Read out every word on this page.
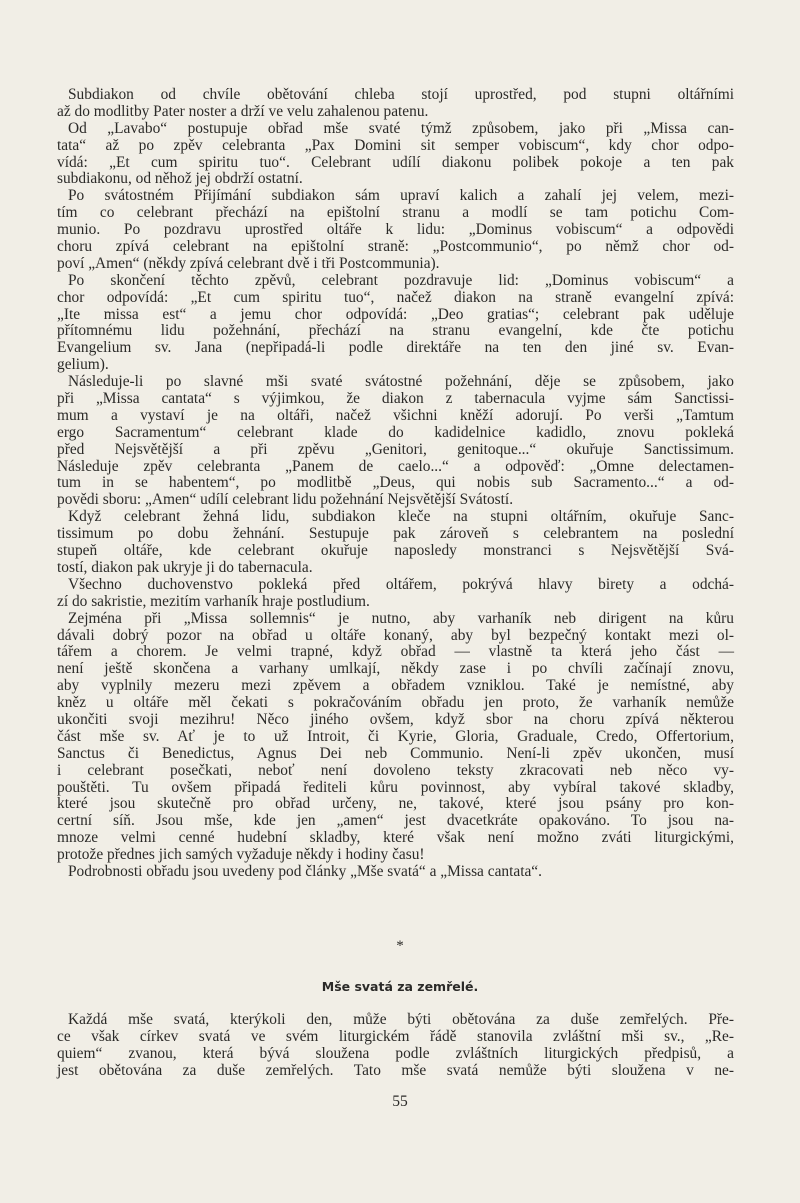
Subdiakon od chvíle obětování chleba stojí uprostřed, pod stupni oltářními
až do modlitby Pater noster a drží ve velu zahalenou patenu.
Od „Lavabo“ postupuje obřad mše svaté týmž způsobem, jako při „Missa can-
tata“ až po zpěv celebranta „Pax Domini sit semper vobiscum“, kdy chor odpo-
vídá: „Et cum spiritu tuo“. Celebrant udílí diakonu polibek pokoje a ten pak
subdiakonu, od něhož jej obdrží ostatní.
Po svátostném Přijímání subdiakon sám upraví kalich a zahalí jej velem, mezi-
tím co celebrant přechází na epištolní stranu a modlí se tam potichu Com-
munio. Po pozdravu uprostřed oltáře k lidu: „Dominus vobiscum“ a odpovědi
choru zpívá celebrant na epištolní straně: „Postcommunio“, po němž chor od-
poví „Amen“ (někdy zpívá celebrant dvě i tři Postcommunia).
Po skončení těchto zpěvů, celebrant pozdravuje lid: „Dominus vobiscum“ a
chor odpovídá: „Et cum spiritu tuo“, načež diakon na straně evangelní zpívá:
„Ite missa est“ a jemu chor odpovídá: „Deo gratias“; celebrant pak uděluje
přítomnému lidu požehnání, přechází na stranu evangelní, kde čte potichu
Evangelium sv. Jana (nepřipadá-li podle direktáře na ten den jiné sv. Evan-
gelium).
Následuje-li po slavné mši svaté svátostné požehnání, děje se způsobem, jako
při „Missa cantata“ s výjimkou, že diakon z tabernacula vyjme sám Sanctissi-
mum a vystaví je na oltáři, načež všichni kněží adorují. Po verši „Tamtum
ergo Sacramentum“ celebrant klade do kadidelnice kadidlo, znovu pokleká
před Nejsvětější a při zpěvu „Genitori, genitoque...“ okuřuje Sanctissimum.
Následuje zpěv celebranta „Panem de caelo...“ a odpověď: „Omne delectamen-
tum in se habentem“, po modlitbě „Deus, qui nobis sub Sacramento...“ a od-
povědi sboru: „Amen“ udílí celebrant lidu požehnání Nejsvětější Svátostí.
Když celebrant žehná lidu, subdiakon klečе na stupni oltářním, okuřuje Sanc-
tissimum po dobu žehnání. Sestupuje pak zároveň s celebrantem na poslední
stupeň oltáře, kde celebrant okuřuje naposledy monstranci s Nejsvětější Svá-
tostí, diakon pak ukryje ji do tabernacula.
Všechno duchovenstvo poklek​á před oltářem, pokrývá hlavy birety a odchá-
zí do sakristie, mezitím varhaník hraje postludium.
Zejména při „Missa sollemnis“ je nutno, aby varhaník neb dirigent na kůru
dávali dobrý pozor na obřad u oltáře konaný, aby byl bezpečný kontakt mezi ol-
tářem a chorem. Je velmi trapné, když obřad — vlastně ta která jeho část —
není ještě skončena a varhany umlkají, někdy zase i po chvíli začínají znovu,
aby vyplnily mezeru mezi zpěvem a obřadem vzniklou. Také je nemístné, aby
kněz u oltáře měl čekati s pokračováním obřadu jen proto, že varhaník nemůže
ukončiti svoji mezihru! Něco jiného ovšem, když sbor na choru zpívá některou
část mše sv. Ať je to už Introit, či Kyrie, Gloria, Graduale, Credo, Offertorium,
Sanctus či Benedictus, Agnus Dei neb Communio. Není-li zpěv ukončen, musí
i celebrant posečkati, neboť není dovoleno teksty zkracovati neb něco vy-
pouštěti. Tu ovšem připadá řediteli kůru povinnost, aby vybíral takové skladby,
které jsou skutečně pro obřad určeny, ne, takové, které jsou psány pro kon-
certní síň. Jsou mše, kde jen „amen“ jest dvacetkráte opakováno. To jsou na-
mnoze velmi cenné hudební skladby, které však není možno zváti liturgickými,
protože přednes jich samých vyžaduje někdy i hodiny času!
Podrobnosti obřadu jsou uvedeny pod články „Mše svatá“ a „Missa cantata“.
*
Mše svatá za zemřelé.
Každá mše svatá, kterýkoli den, může býti obětována za duše zemřelých. Pře-
ce však církev svatá ve svém liturgickém řádě stanovila zvláštní mši sv., „Re-
quiem“ zvanou, která bývá sloužena podle zvláštních liturgických předpisů, a
jest obětována za duše zemřelých. Tato mše svatá nemůže býti sloužena v ne-
55
